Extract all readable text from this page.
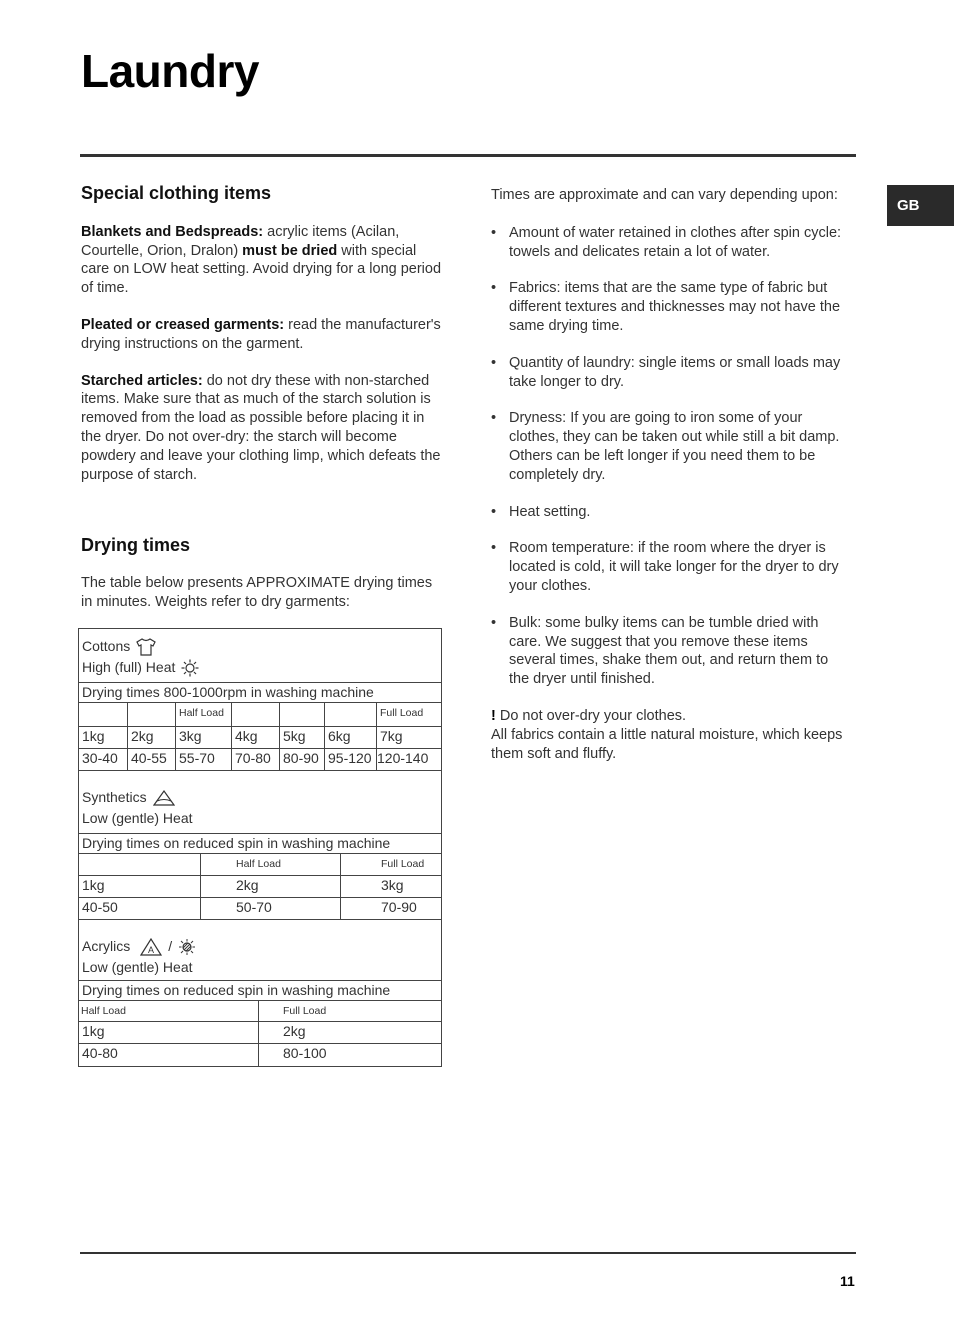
Laundry
GB
Special clothing items

Blankets and Bedspreads: acrylic items (Acilan, Courtelle, Orion, Dralon) must be dried with special care on LOW heat setting. Avoid drying for a long period of time.

Pleated or creased garments: read the manufacturer's drying instructions on the garment.

Starched articles: do not dry these with non-starched items. Make sure that as much of the starch solution is removed from the load as possible before placing it in the dryer. Do not over-dry: the starch will become powdery and leave your clothing limp, which defeats the purpose of starch.

Drying times

The table below presents APPROXIMATE drying times in minutes. Weights refer to dry garments:

Cottons
High (full) Heat
Drying times 800-1000rpm in washing machine
Half Load	Full Load
1kg	2kg	3kg	4kg	5kg	6kg	7kg
30-40 40-55 55-70	70-80 80-90 95-120 120-140
Synthetics
Low (gentle) Heat
Drying times on reduced spin in washing machine
Half Load	Full Load
1kg	2kg	3kg
40-50	50-70	70-90
Acrylics A /
Low (gentle) Heat
Drying times on reduced spin in washing machine
Half Load	Full Load
1kg	2kg
40-80	80-100

Times are approximate and can vary depending upon:

• Amount of water retained in clothes after spin cycle: towels and delicates retain a lot of water.
• Fabrics: items that are the same type of fabric but different textures and thicknesses may not have the same drying time.
• Quantity of laundry: single items or small loads may take longer to dry.
• Dryness: If you are going to iron some of your clothes, they can be taken out while still a bit damp. Others can be left longer if you need them to be completely dry.
• Heat setting.
• Room temperature: if the room where the dryer is located is cold, it will take longer for the dryer to dry your clothes.
• Bulk: some bulky items can be tumble dried with care. We suggest that you remove these items several times, shake them out, and return them to the dryer until finished.

! Do not over-dry your clothes.

All fabrics contain a little natural moisture, which keeps them soft and fluffy.

11
